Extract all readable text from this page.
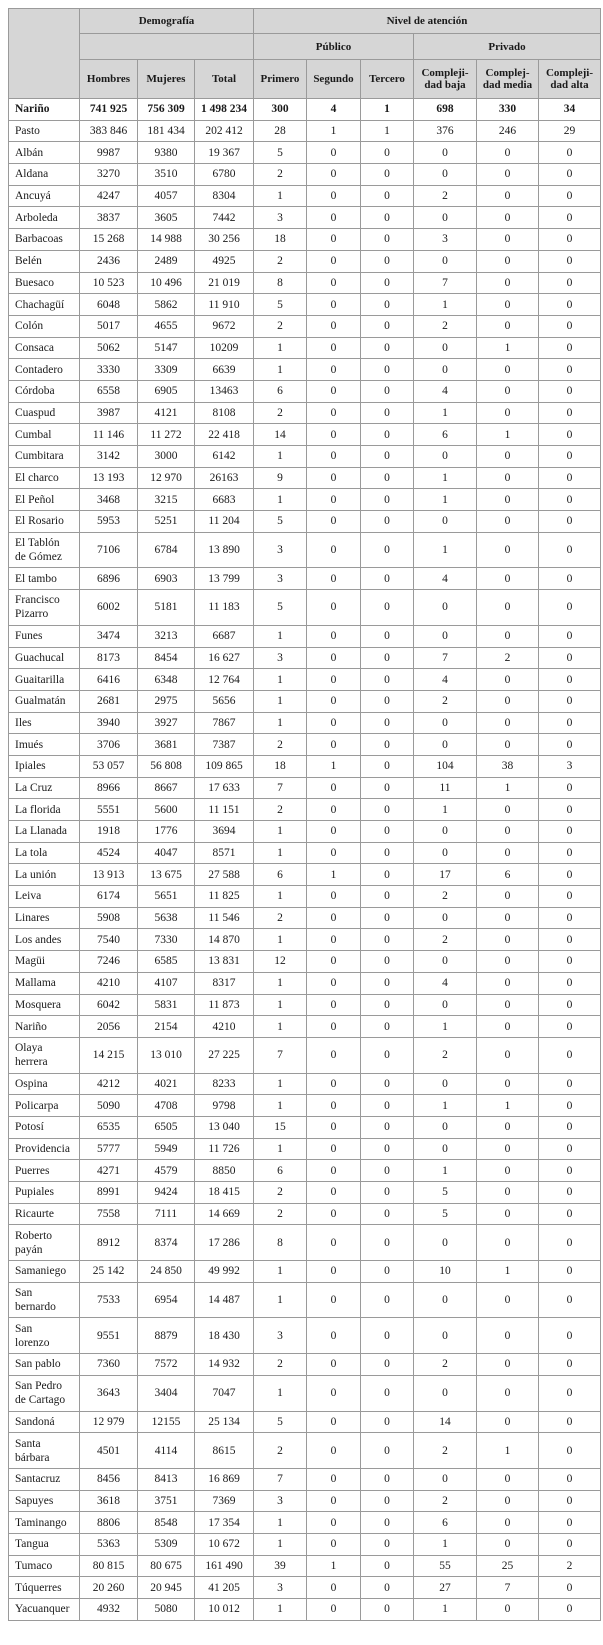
	Demografía			Nivel de atención					
				Público			Privado		
	Hombres	Mujeres	Total	Primero	Segundo	Tercero	Compleji-dad baja	Complej-dad media	Compleji-dad alta
Nariño	741 925	756 309	1 498 234	300	4	1	698	330	34
Pasto	383 846	181 434	202 412	28	1	1	376	246	29
Albán	9987	9380	19 367	5	0	0	0	0	0
Aldana	3270	3510	6780	2	0	0	0	0	0
Ancuyá	4247	4057	8304	1	0	0	2	0	0
Arboleda	3837	3605	7442	3	0	0	0	0	0
Barbacoas	15 268	14 988	30 256	18	0	0	3	0	0
Belén	2436	2489	4925	2	0	0	0	0	0
Buesaco	10 523	10 496	21 019	8	0	0	7	0	0
Chachagüí	6048	5862	11 910	5	0	0	1	0	0
Colón	5017	4655	9672	2	0	0	2	0	0
Consaca	5062	5147	10209	1	0	0	0	1	0
Contadero	3330	3309	6639	1	0	0	0	0	0
Córdoba	6558	6905	13463	6	0	0	4	0	0
Cuaspud	3987	4121	8108	2	0	0	1	0	0
Cumbal	11 146	11 272	22 418	14	0	0	6	1	0
Cumbitara	3142	3000	6142	1	0	0	0	0	0
El charco	13 193	12 970	26163	9	0	0	1	0	0
El Peñol	3468	3215	6683	1	0	0	1	0	0
El Rosario	5953	5251	11 204	5	0	0	0	0	0
El Tablón
de Gómez	7106	6784	13 890	3	0	0	1	0	0
El tambo	6896	6903	13 799	3	0	0	4	0	0
Francisco
Pizarro	6002	5181	11 183	5	0	0	0	0	0
Funes	3474	3213	6687	1	0	0	0	0	0
Guachucal	8173	8454	16 627	3	0	0	7	2	0
Guaitarilla	6416	6348	12 764	1	0	0	4	0	0
Gualmatán	2681	2975	5656	1	0	0	2	0	0
Iles	3940	3927	7867	1	0	0	0	0	0
Imués	3706	3681	7387	2	0	0	0	0	0
Ipiales	53 057	56 808	109 865	18	1	0	104	38	3
La Cruz	8966	8667	17 633	7	0	0	11	1	0
La florida	5551	5600	11 151	2	0	0	1	0	0
La Llanada	1918	1776	3694	1	0	0	0	0	0
La tola	4524	4047	8571	1	0	0	0	0	0
La unión	13 913	13 675	27 588	6	1	0	17	6	0
Leiva	6174	5651	11 825	1	0	0	2	0	0
Linares	5908	5638	11 546	2	0	0	0	0	0
Los andes	7540	7330	14 870	1	0	0	2	0	0
Magüi	7246	6585	13 831	12	0	0	0	0	0
Mallama	4210	4107	8317	1	0	0	4	0	0
Mosquera	6042	5831	11 873	1	0	0	0	0	0
Nariño	2056	2154	4210	1	0	0	1	0	0
Olaya
herrera	14 215	13 010	27 225	7	0	0	2	0	0
Ospina	4212	4021	8233	1	0	0	0	0	0
Policarpa	5090	4708	9798	1	0	0	1	1	0
Potosí	6535	6505	13 040	15	0	0	0	0	0
Providencia	5777	5949	11 726	1	0	0	0	0	0
Puerres	4271	4579	8850	6	0	0	1	0	0
Pupiales	8991	9424	18 415	2	0	0	5	0	0
Ricaurte	7558	7111	14 669	2	0	0	5	0	0
Roberto
payán	8912	8374	17 286	8	0	0	0	0	0
Samaniego	25 142	24 850	49 992	1	0	0	10	1	0
San
bernardo	7533	6954	14 487	1	0	0	0	0	0
San
lorenzo	9551	8879	18 430	3	0	0	0	0	0
San pablo	7360	7572	14 932	2	0	0	2	0	0
San Pedro
de Cartago	3643	3404	7047	1	0	0	0	0	0
Sandoná	12 979	12155	25 134	5	0	0	14	0	0
Santa
bárbara	4501	4114	8615	2	0	0	2	1	0
Santacruz	8456	8413	16 869	7	0	0	0	0	0
Sapuyes	3618	3751	7369	3	0	0	2	0	0
Taminango	8806	8548	17 354	1	0	0	6	0	0
Tangua	5363	5309	10 672	1	0	0	1	0	0
Tumaco	80 815	80 675	161 490	39	1	0	55	25	2
Túquerres	20 260	20 945	41 205	3	0	0	27	7	0
Yacuanquer	4932	5080	10 012	1	0	0	1	0	0
